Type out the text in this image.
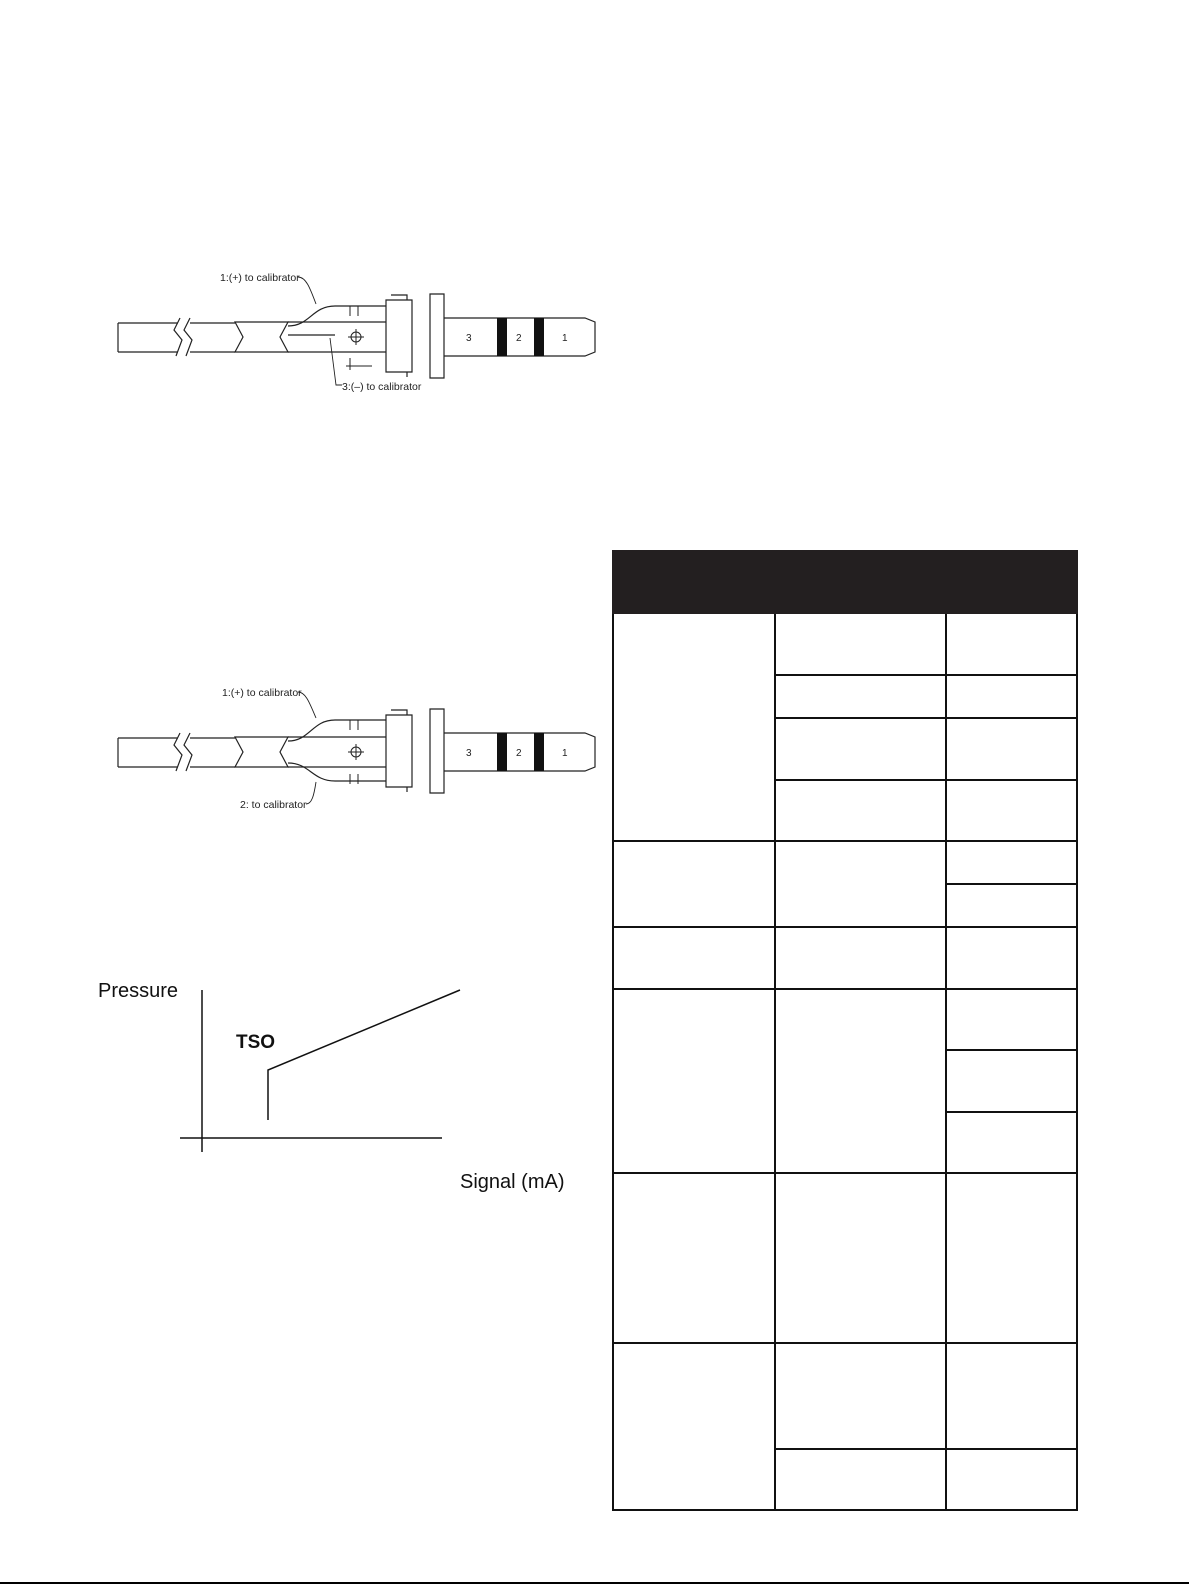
1:(+) to calibrator
3:(–) to calibrator
3	2	1
1:(+) to calibrator
2: to calibrator
3	2	1
Pressure
TSO
Signal (mA)
